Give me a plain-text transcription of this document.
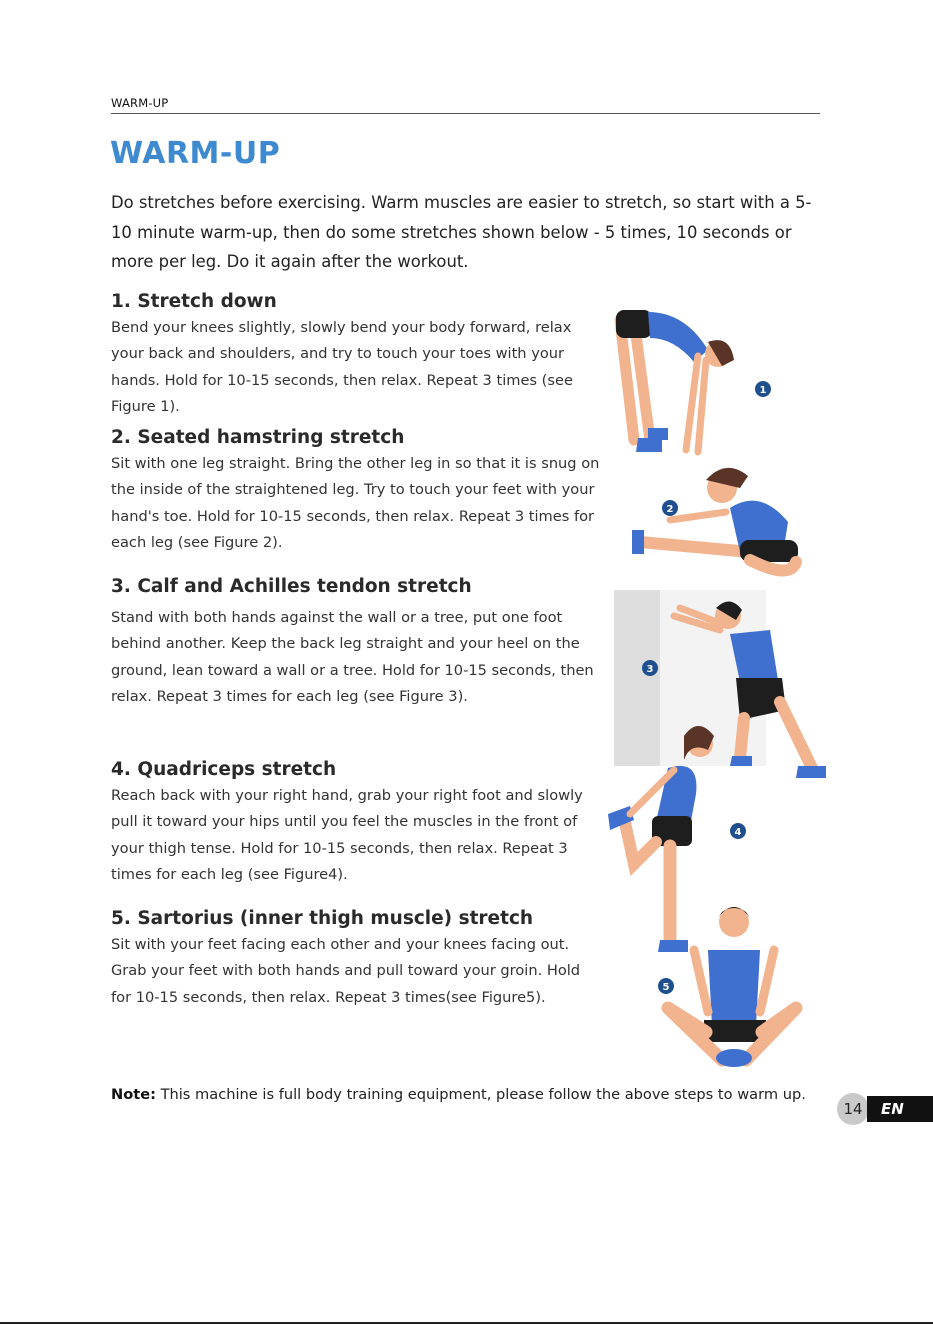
WARM-UP
WARM-UP

Do stretches before exercising. Warm muscles are easier to stretch, so start with a 5-10 minute warm-up, then do some stretches shown below - 5 times, 10 seconds or more per leg. Do it again after the workout.

1. Stretch down

Bend your knees slightly, slowly bend your body forward, relax your back and shoulders, and try to touch your toes with your hands. Hold for 10-15 seconds, then relax. Repeat 3 times (see Figure 1).

2. Seated hamstring stretch

Sit with one leg straight. Bring the other leg in so that it is snug on the inside of the straightened leg. Try to touch your feet with your hand's toe. Hold for 10-15 seconds, then relax. Repeat 3 times for each leg (see Figure 2).

3. Calf and Achilles tendon stretch

Stand with both hands against the wall or a tree, put one foot behind another. Keep the back leg straight and your heel on the ground, lean toward a wall or a tree. Hold for 10-15 seconds, then relax. Repeat 3 times for each leg (see Figure 3).

4. Quadriceps stretch

Reach back with your right hand, grab your right foot and slowly pull it toward your hips until you feel the muscles in the front of your thigh tense. Hold for 10-15 seconds, then relax. Repeat 3 times for each leg (see Figure4).

5. Sartorius (inner thigh muscle) stretch

Sit with your feet facing each other and your knees facing out. Grab your feet with both hands and pull toward your groin. Hold for 10-15 seconds, then relax. Repeat 3 times(see Figure5).

Note: This machine is full body training equipment, please follow the above steps to warm up.

14	EN
1
2
3
4
5
